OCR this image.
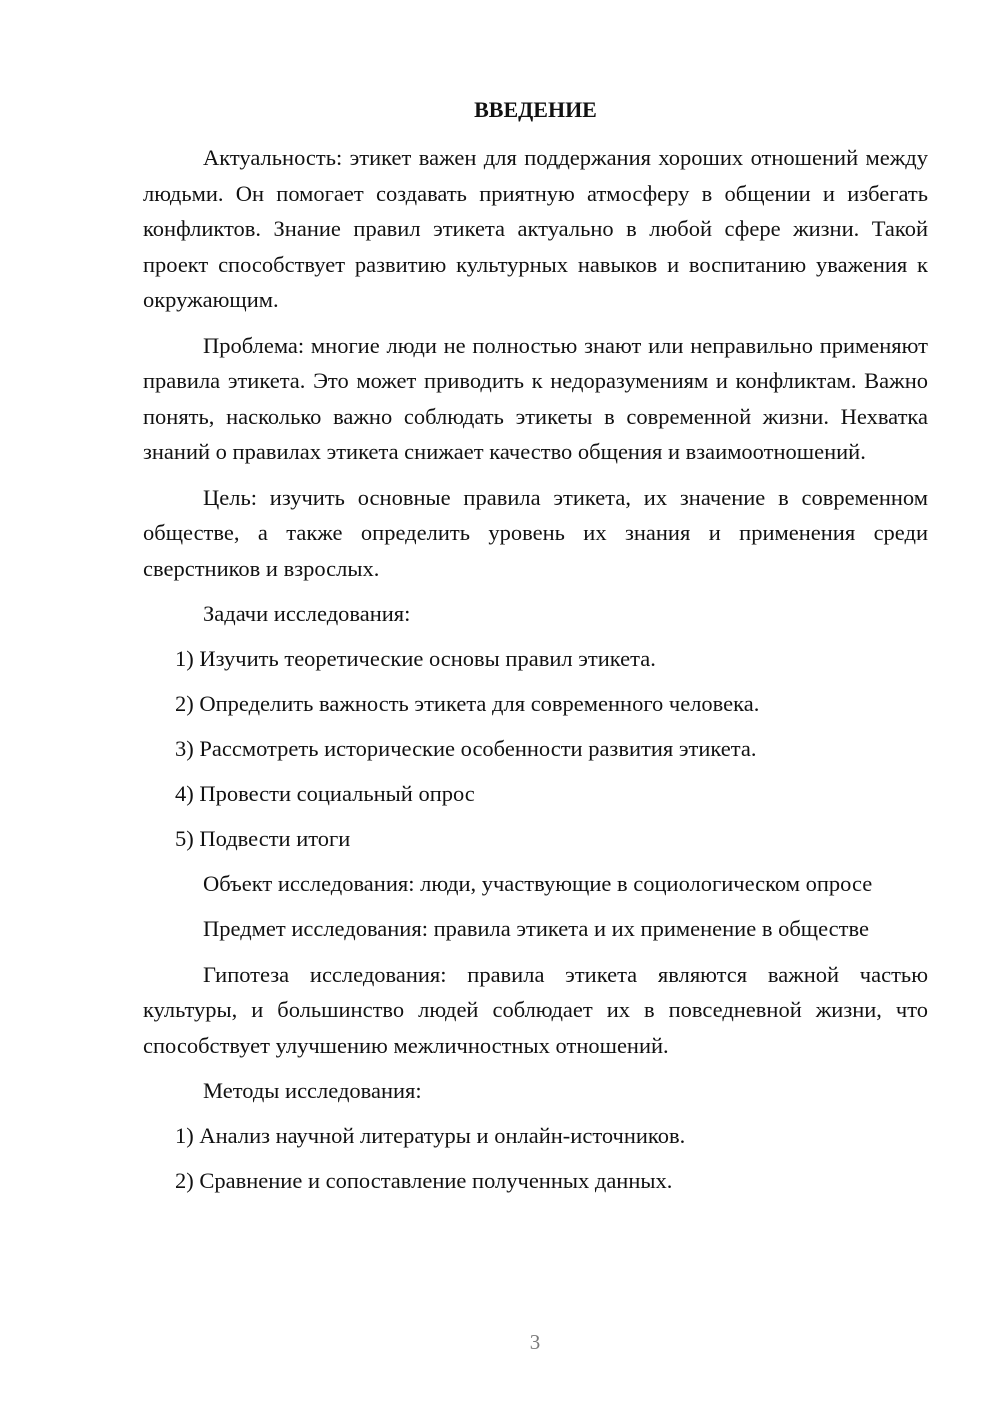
ВВЕДЕНИЕ
Актуальность: этикет важен для поддержания хороших отношений между людьми. Он помогает создавать приятную атмосферу в общении и избегать конфликтов. Знание правил этикета актуально в любой сфере жизни. Такой проект способствует развитию культурных навыков и воспитанию уважения к окружающим.
Проблема: многие люди не полностью знают или неправильно применяют правила этикета. Это может приводить к недоразумениям и конфликтам. Важно понять, насколько важно соблюдать этикеты в современной жизни. Нехватка знаний о правилах этикета снижает качество общения и взаимоотношений.
Цель: изучить основные правила этикета, их значение в современном обществе, а также определить уровень их знания и применения среди сверстников и взрослых.
Задачи исследования:
1) Изучить теоретические основы правил этикета.
2) Определить важность этикета для современного человека.
3) Рассмотреть исторические особенности развития этикета.
4) Провести социальный опрос
5) Подвести итоги
Объект исследования: люди, участвующие в социологическом опросе
Предмет исследования: правила этикета и их применение в обществе
Гипотеза исследования: правила этикета являются важной частью культуры, и большинство людей соблюдает их в повседневной жизни, что способствует улучшению межличностных отношений.
Методы исследования:
1) Анализ научной литературы и онлайн-источников.
2) Сравнение и сопоставление полученных данных.
3
